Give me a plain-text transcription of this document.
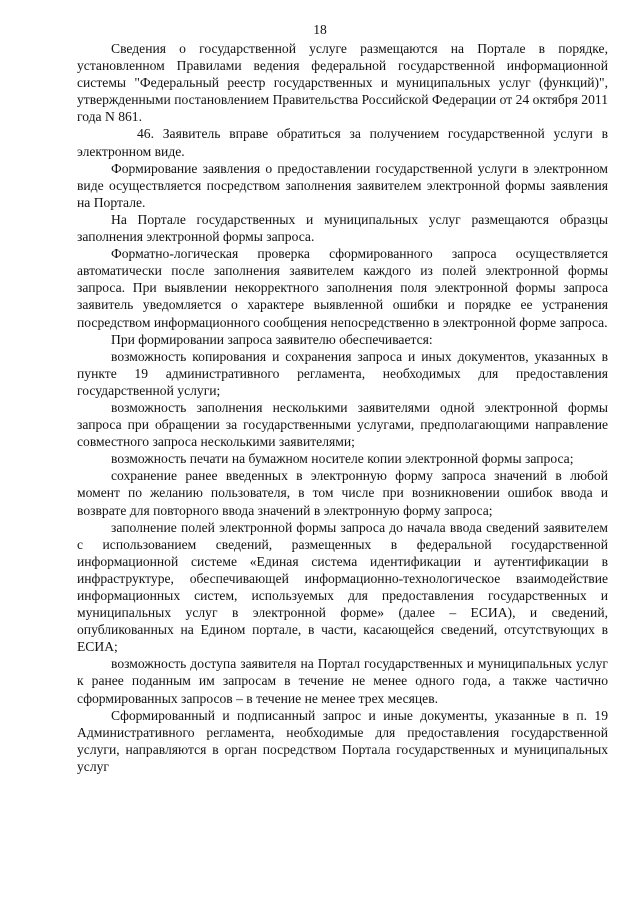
18

Сведения о государственной услуге размещаются на Портале в порядке, установленном Правилами ведения федеральной государственной информационной системы "Федеральный реестр государственных и муниципальных услуг (функций)", утвержденными постановлением Правительства Российской Федерации от 24 октября 2011 года N 861.

46. Заявитель вправе обратиться за получением государственной услуги в электронном виде.

Формирование заявления о предоставлении государственной услуги в электронном виде осуществляется посредством заполнения заявителем электронной формы заявления на Портале.

На Портале государственных и муниципальных услуг размещаются образцы заполнения электронной формы запроса.

Форматно-логическая проверка сформированного запроса осуществляется автоматически после заполнения заявителем каждого из полей электронной формы запроса. При выявлении некорректного заполнения поля электронной формы запроса заявитель уведомляется о характере выявленной ошибки и порядке ее устранения посредством информационного сообщения непосредственно в электронной форме запроса.

При формировании запроса заявителю обеспечивается:

возможность копирования и сохранения запроса и иных документов, указанных в пункте 19 административного регламента, необходимых для предоставления государственной услуги;

возможность заполнения несколькими заявителями одной электронной формы запроса при обращении за государственными услугами, предполагающими направление совместного запроса несколькими заявителями;

возможность печати на бумажном носителе копии электронной формы запроса;

сохранение ранее введенных в электронную форму запроса значений в любой момент по желанию пользователя, в том числе при возникновении ошибок ввода и возврате для повторного ввода значений в электронную форму запроса;

заполнение полей электронной формы запроса до начала ввода сведений заявителем с использованием сведений, размещенных в федеральной государственной информационной системе «Единая система идентификации и аутентификации в инфраструктуре, обеспечивающей информационно-технологическое взаимодействие информационных систем, используемых для предоставления государственных и муниципальных услуг в электронной форме» (далее – ЕСИА), и сведений, опубликованных на Едином портале, в части, касающейся сведений, отсутствующих в ЕСИА;

возможность доступа заявителя на Портал государственных и муниципальных услуг к ранее поданным им запросам в течение не менее одного года, а также частично сформированных запросов – в течение не менее трех месяцев.

Сформированный и подписанный запрос и иные документы, указанные в п. 19 Административного регламента, необходимые для предоставления государственной услуги, направляются в орган посредством Портала государственных и муниципальных услуг
